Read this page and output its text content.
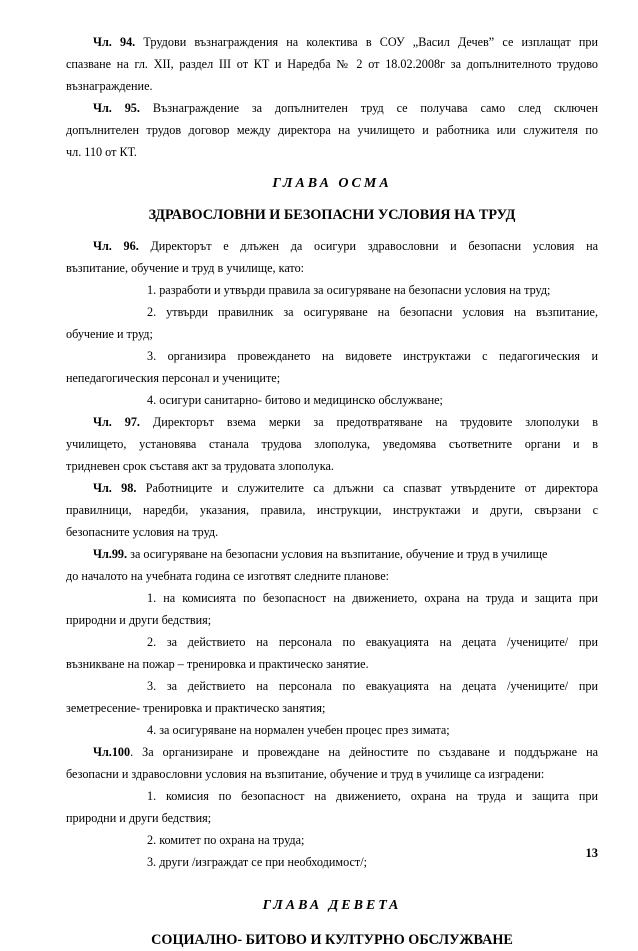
Чл. 94. Трудови възнаграждения на колектива в СОУ „Васил Дечев” се изплащат при
спазване на гл. XII, раздел III от КТ и Наредба № 2 от 18.02.2008г за допълнителното трудово
възнаграждение.
Чл. 95. Възнаграждение за допълнителен труд се получава само след сключен
допълнителен трудов договор между директора на училището и работника или служителя по
чл. 110 от КТ.
ГЛАВА ОСМА
ЗДРАВОСЛОВНИ И БЕЗОПАСНИ УСЛОВИЯ НА ТРУД
Чл. 96. Директорът е длъжен да осигури здравословни и безопасни условия на
възпитание, обучение и труд в училище, като:
1. разработи и утвърди правила за осигуряване на безопасни условия на труд;
2. утвърди правилник за осигуряване на безопасни условия на възпитание,
обучение и труд;
3. организира провеждането на видовете инструктажи с педагогическия и
непедагогическия персонал и учениците;
4. осигури санитарно- битово и медицинско обслужване;
Чл. 97. Директорът взема мерки за предотвратяване на трудовите злополуки в
училището, установява станала трудова злополука, уведомява съответните органи и в
тридневен срок съставя акт за трудовата злополука.
Чл. 98. Работниците и служителите са длъжни са спазват утвърдените от директора
правилници, наредби, указания, правила, инструкции, инструктажи и други, свързани с
безопасните условия на труд.
Чл.99. за осигуряване на безопасни условия на възпитание, обучение и труд в училище
до началото на учебната година се изготвят следните планове:
1. на комисията по безопасност на движението, охрана на труда и защита при
природни и други бедствия;
2. за действието на персонала по евакуацията на децата /учениците/ при
възникване на пожар – тренировка и практическо занятие.
3. за действието на персонала по евакуацията на децата /учениците/ при
земетресение- тренировка и практическо занятия;
4. за осигуряване на нормален учебен процес през зимата;
Чл.100. За организиране и провеждане на дейностите по създаване и поддържане на
безопасни и здравословни условия на възпитание, обучение и труд в училище са изградени:
1. комисия по безопасност на движението, охрана на труда и защита при
природни и други бедствия;
2. комитет по охрана на труда;
3. други /изграждат се при необходимост/;
ГЛАВА ДЕВЕТА
СОЦИАЛНО- БИТОВО И КУЛТУРНО ОБСЛУЖВАНЕ
13
